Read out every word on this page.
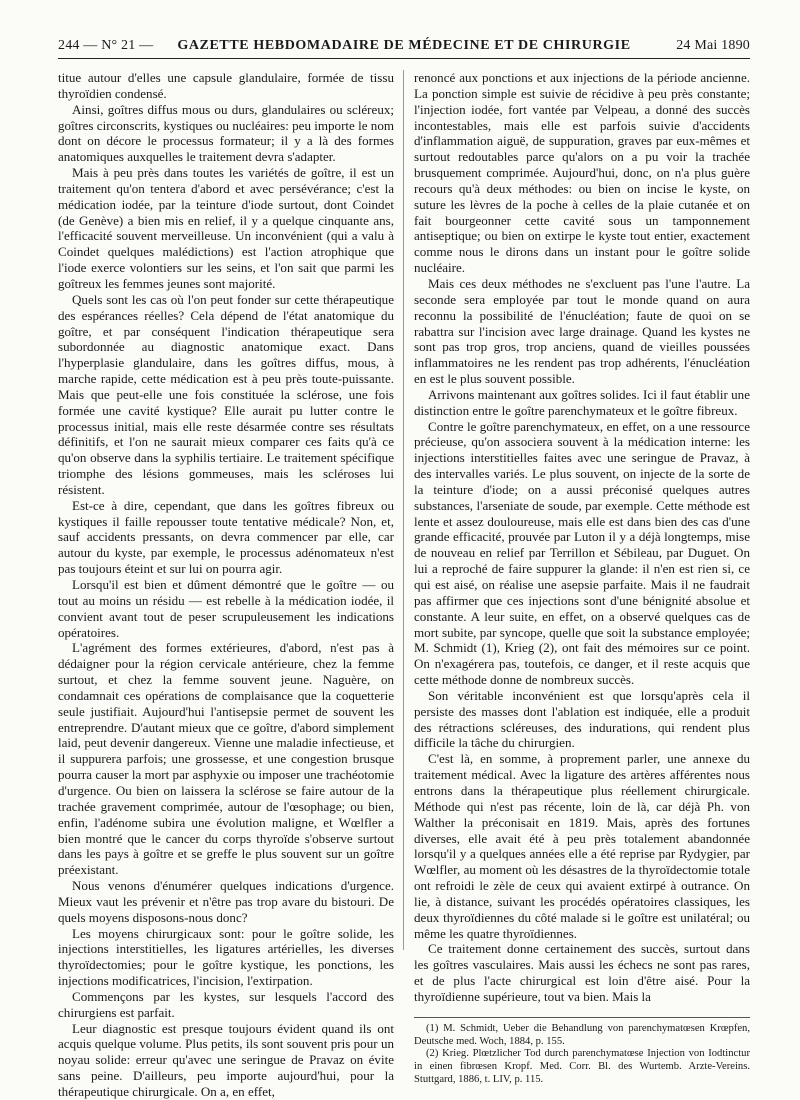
244 — N° 21 —	GAZETTE HEBDOMADAIRE DE MÉDECINE ET DE CHIRURGIE	24 Mai 1890

titue autour d'elles une capsule glandulaire, formée de tissu thyroïdien condensé.

Ainsi, goîtres diffus mous ou durs, glandulaires ou scléreux; goîtres circonscrits, kystiques ou nucléaires: peu importe le nom dont on décore le processus formateur; il y a là des formes anatomiques auxquelles le traitement devra s'adapter.

Mais à peu près dans toutes les variétés de goître, il est un traitement qu'on tentera d'abord et avec persévérance; c'est la médication iodée, par la teinture d'iode surtout, dont Coindet (de Genève) a bien mis en relief, il y a quelque cinquante ans, l'efficacité souvent merveilleuse. Un inconvénient (qui a valu à Coindet quelques malédictions) est l'action atrophique que l'iode exerce volontiers sur les seins, et l'on sait que parmi les goîtreux les femmes jeunes sont majorité.

Quels sont les cas où l'on peut fonder sur cette thérapeutique des espérances réelles? Cela dépend de l'état anatomique du goître, et par conséquent l'indication thérapeutique sera subordonnée au diagnostic anatomique exact. Dans l'hyperplasie glandulaire, dans les goîtres diffus, mous, à marche rapide, cette médication est à peu près toute-puissante. Mais que peut-elle une fois constituée la sclérose, une fois formée une cavité kystique? Elle aurait pu lutter contre le processus initial, mais elle reste désarmée contre ses résultats définitifs, et l'on ne saurait mieux comparer ces faits qu'à ce qu'on observe dans la syphilis tertiaire. Le traitement spécifique triomphe des lésions gommeuses, mais les scléroses lui résistent.

Est-ce à dire, cependant, que dans les goîtres fibreux ou kystiques il faille repousser toute tentative médicale? Non, et, sauf accidents pressants, on devra commencer par elle, car autour du kyste, par exemple, le processus adénomateux n'est pas toujours éteint et sur lui on pourra agir.

Lorsqu'il est bien et dûment démontré que le goître — ou tout au moins un résidu — est rebelle à la médication iodée, il convient avant tout de peser scrupuleusement les indications opératoires.

L'agrément des formes extérieures, d'abord, n'est pas à dédaigner pour la région cervicale antérieure, chez la femme surtout, et chez la femme souvent jeune. Naguère, on condamnait ces opérations de complaisance que la coquetterie seule justifiait. Aujourd'hui l'antisepsie permet de souvent les entreprendre. D'autant mieux que ce goître, d'abord simplement laid, peut devenir dangereux. Vienne une maladie infectieuse, et il suppurera parfois; une grossesse, et une congestion brusque pourra causer la mort par asphyxie ou imposer une trachéotomie d'urgence. Ou bien on laissera la sclérose se faire autour de la trachée gravement comprimée, autour de l'œsophage; ou bien, enfin, l'adénome subira une évolution maligne, et Wœlfler a bien montré que le cancer du corps thyroïde s'observe surtout dans les pays à goître et se greffe le plus souvent sur un goître préexistant.

Nous venons d'énumérer quelques indications d'urgence. Mieux vaut les prévenir et n'être pas trop avare du bistouri. De quels moyens disposons-nous donc?

Les moyens chirurgicaux sont: pour le goître solide, les injections interstitielles, les ligatures artérielles, les diverses thyroïdectomies; pour le goître kystique, les ponctions, les injections modificatrices, l'incision, l'extirpation.

Commençons par les kystes, sur lesquels l'accord des chirurgiens est parfait.

Leur diagnostic est presque toujours évident quand ils ont acquis quelque volume. Plus petits, ils sont souvent pris pour un noyau solide: erreur qu'avec une seringue de Pravaz on évite sans peine. D'ailleurs, peu importe aujourd'hui, pour la thérapeutique chirurgicale. On a, en effet,

renoncé aux ponctions et aux injections de la période ancienne. La ponction simple est suivie de récidive à peu près constante; l'injection iodée, fort vantée par Velpeau, a donné des succès incontestables, mais elle est parfois suivie d'accidents d'inflammation aiguë, de suppuration, graves par eux-mêmes et surtout redoutables parce qu'alors on a pu voir la trachée brusquement comprimée. Aujourd'hui, donc, on n'a plus guère recours qu'à deux méthodes: ou bien on incise le kyste, on suture les lèvres de la poche à celles de la plaie cutanée et on fait bourgeonner cette cavité sous un tamponnement antiseptique; ou bien on extirpe le kyste tout entier, exactement comme nous le dirons dans un instant pour le goître solide nucléaire.

Mais ces deux méthodes ne s'excluent pas l'une l'autre. La seconde sera employée par tout le monde quand on aura reconnu la possibilité de l'énucléation; faute de quoi on se rabattra sur l'incision avec large drainage. Quand les kystes ne sont pas trop gros, trop anciens, quand de vieilles poussées inflammatoires ne les rendent pas trop adhérents, l'énucléation en est le plus souvent possible.

Arrivons maintenant aux goîtres solides. Ici il faut établir une distinction entre le goître parenchymateux et le goître fibreux.

Contre le goître parenchymateux, en effet, on a une ressource précieuse, qu'on associera souvent à la médication interne: les injections interstitielles faites avec une seringue de Pravaz, à des intervalles variés. Le plus souvent, on injecte de la sorte de la teinture d'iode; on a aussi préconisé quelques autres substances, l'arseniate de soude, par exemple. Cette méthode est lente et assez douloureuse, mais elle est dans bien des cas d'une grande efficacité, prouvée par Luton il y a déjà longtemps, mise de nouveau en relief par Terrillon et Sébileau, par Duguet. On lui a reproché de faire suppurer la glande: il n'en est rien si, ce qui est aisé, on réalise une asepsie parfaite. Mais il ne faudrait pas affirmer que ces injections sont d'une bénignité absolue et constante. A leur suite, en effet, on a observé quelques cas de mort subite, par syncope, quelle que soit la substance employée; M. Schmidt (1), Krieg (2), ont fait des mémoires sur ce point. On n'exagérera pas, toutefois, ce danger, et il reste acquis que cette méthode donne de nombreux succès.

Son véritable inconvénient est que lorsqu'après cela il persiste des masses dont l'ablation est indiquée, elle a produit des rétractions scléreuses, des indurations, qui rendent plus difficile la tâche du chirurgien.

C'est là, en somme, à proprement parler, une annexe du traitement médical. Avec la ligature des artères afférentes nous entrons dans la thérapeutique plus réellement chirurgicale. Méthode qui n'est pas récente, loin de là, car déjà Ph. von Walther la préconisait en 1819. Mais, après des fortunes diverses, elle avait été à peu près totalement abandonnée lorsqu'il y a quelques années elle a été reprise par Rydygier, par Wœlfler, au moment où les désastres de la thyroïdectomie totale ont refroidi le zèle de ceux qui avaient extirpé à outrance. On lie, à distance, suivant les procédés opératoires classiques, les deux thyroïdiennes du côté malade si le goître est unilatéral; ou même les quatre thyroïdiennes.

Ce traitement donne certainement des succès, surtout dans les goîtres vasculaires. Mais aussi les échecs ne sont pas rares, et de plus l'acte chirurgical est loin d'être aisé. Pour la thyroïdienne supérieure, tout va bien. Mais la

(1) M. Schmidt, Ueber die Behandlung von parenchymatœsen Krœpfen, Deutsche med. Woch, 1884, p. 155.

(2) Krieg. Plœtzlicher Tod durch parenchymatœse Injection von Iodtinctur in einen fibrœsen Kropf. Med. Corr. Bl. des Wurtemb. Arzte-Vereins. Stuttgard, 1886, t. LIV, p. 115.
